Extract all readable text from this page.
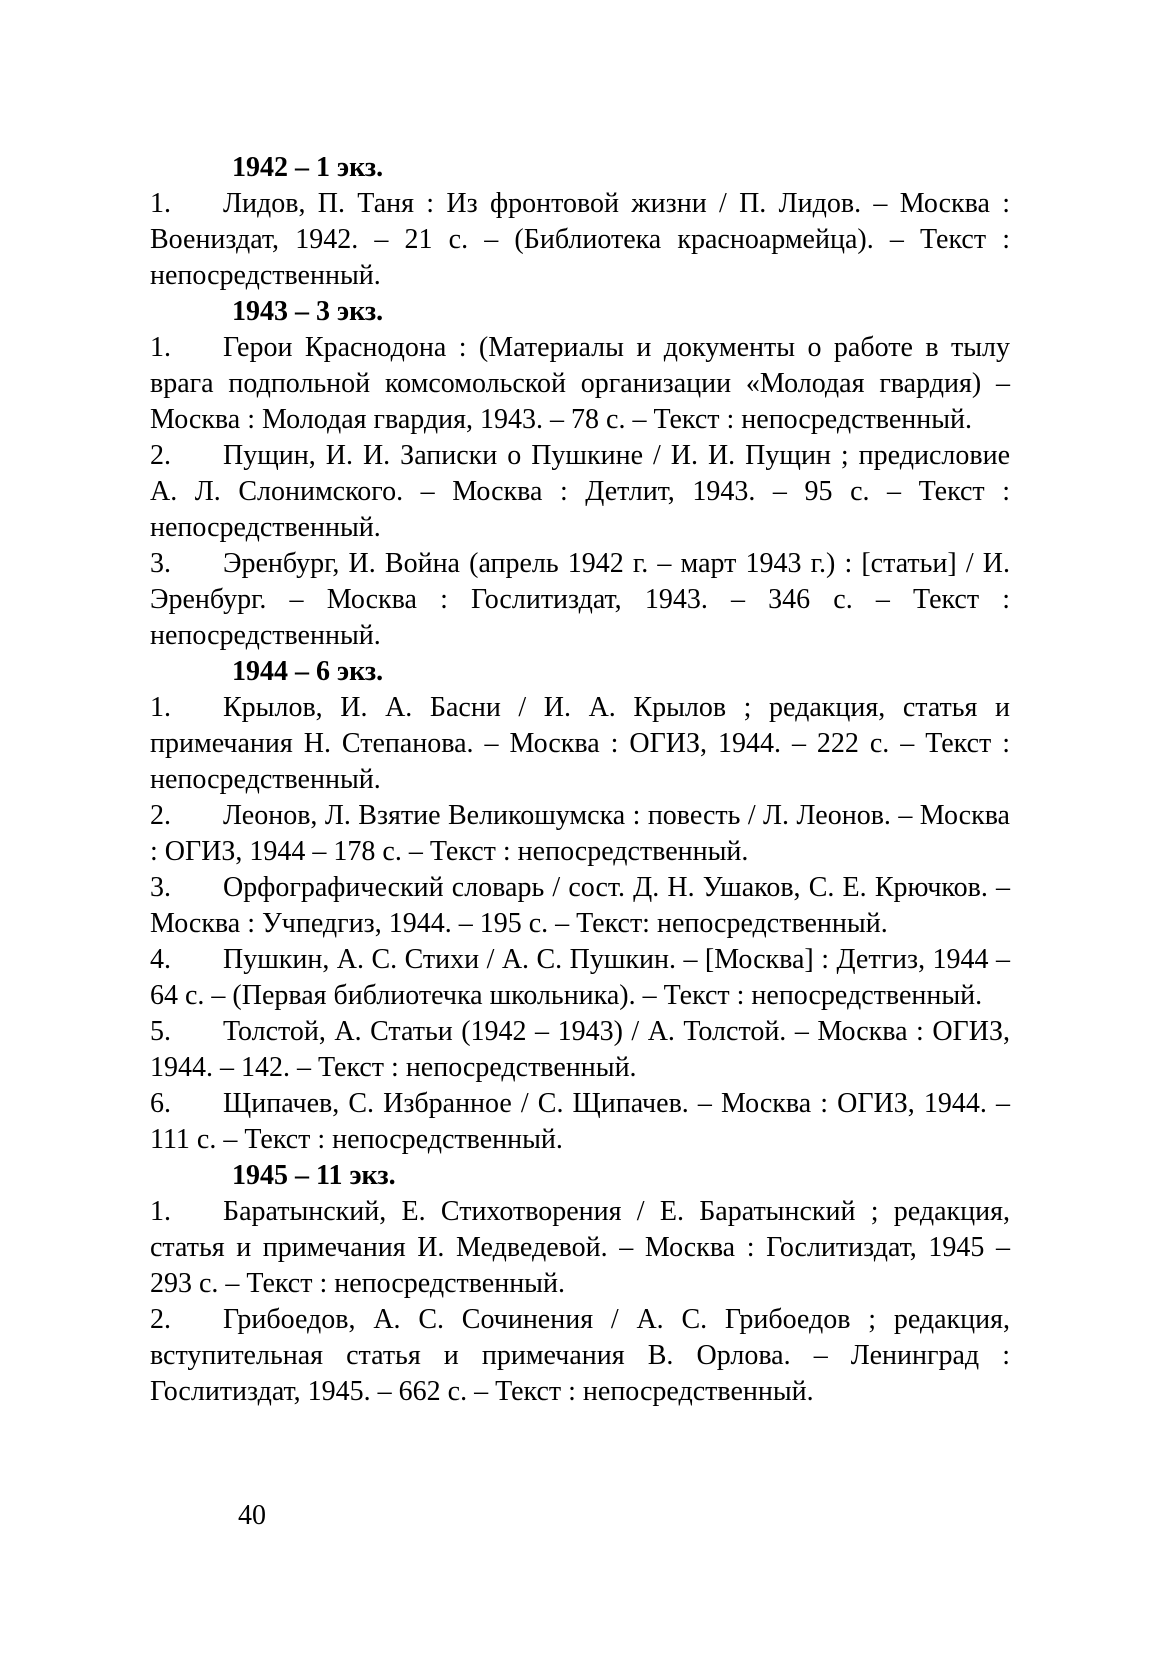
1942 – 1 экз.

1. Лидов, П. Таня : Из фронтовой жизни / П. Лидов. – Москва : Воениздат, 1942. – 21 с. – (Библиотека красноармейца). – Текст : непосредственный.

1943 – 3 экз.

1. Герои Краснодона : (Материалы и документы о работе в тылу врага подпольной комсомольской организации «Молодая гвардия) – Москва : Молодая гвардия, 1943. – 78 с. – Текст : непосредственный.

2. Пущин, И. И. Записки о Пушкине / И. И. Пущин ; предисловие А. Л. Слонимского. – Москва : Детлит, 1943. – 95 с. – Текст : непосредственный.

3. Эренбург, И. Война (апрель 1942 г. – март 1943 г.) : [статьи] / И. Эренбург. – Москва : Гослитиздат, 1943. – 346 с. – Текст : непосредственный.

1944 – 6 экз.

1. Крылов, И. А. Басни / И. А. Крылов ; редакция, статья и примечания Н. Степанова. – Москва : ОГИЗ, 1944. – 222 с. – Текст : непосредственный.

2. Леонов, Л. Взятие Великошумска : повесть / Л. Леонов. – Москва : ОГИЗ, 1944 – 178 с. – Текст : непосредственный.

3. Орфографический словарь / сост. Д. Н. Ушаков, С. Е. Крючков. – Москва : Учпедгиз, 1944. – 195 с. – Текст: непосредственный.

4. Пушкин, А. С. Стихи / А. С. Пушкин. – [Москва] : Детгиз, 1944 – 64 с. – (Первая библиотечка школьника). – Текст : непосредственный.

5. Толстой, А. Статьи (1942 – 1943) / А. Толстой. – Москва : ОГИЗ, 1944. – 142. – Текст : непосредственный.

6. Щипачев, С. Избранное / С. Щипачев. – Москва : ОГИЗ, 1944. – 111 с. – Текст : непосредственный.

1945 – 11 экз.

1. Баратынский, Е. Стихотворения / Е. Баратынский ; редакция, статья и примечания И. Медведевой. – Москва : Гослитиздат, 1945 – 293 с. – Текст : непосредственный.

2. Грибоедов, А. С. Сочинения / А. С. Грибоедов ; редакция, вступительная статья и примечания В. Орлова. – Ленинград : Гослитиздат, 1945. – 662 с. – Текст : непосредственный.

40
